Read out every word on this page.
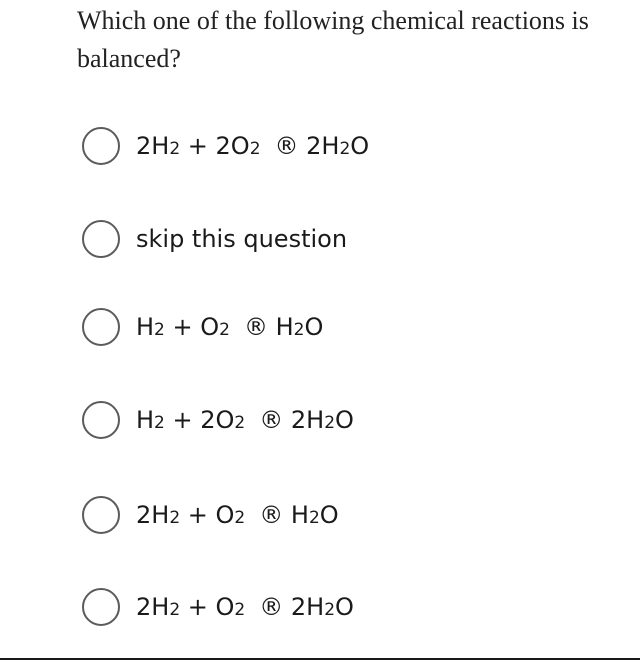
Which one of the following chemical reactions is balanced?
2H 2 + 2O 2 ® 2H 2 O
skip this question
H 2 + O 2 ® H 2 O
H 2 + 2O 2 ® 2H 2 O
2H 2 + O 2 ® H 2 O
2H 2 + O 2 ® 2H 2 O
